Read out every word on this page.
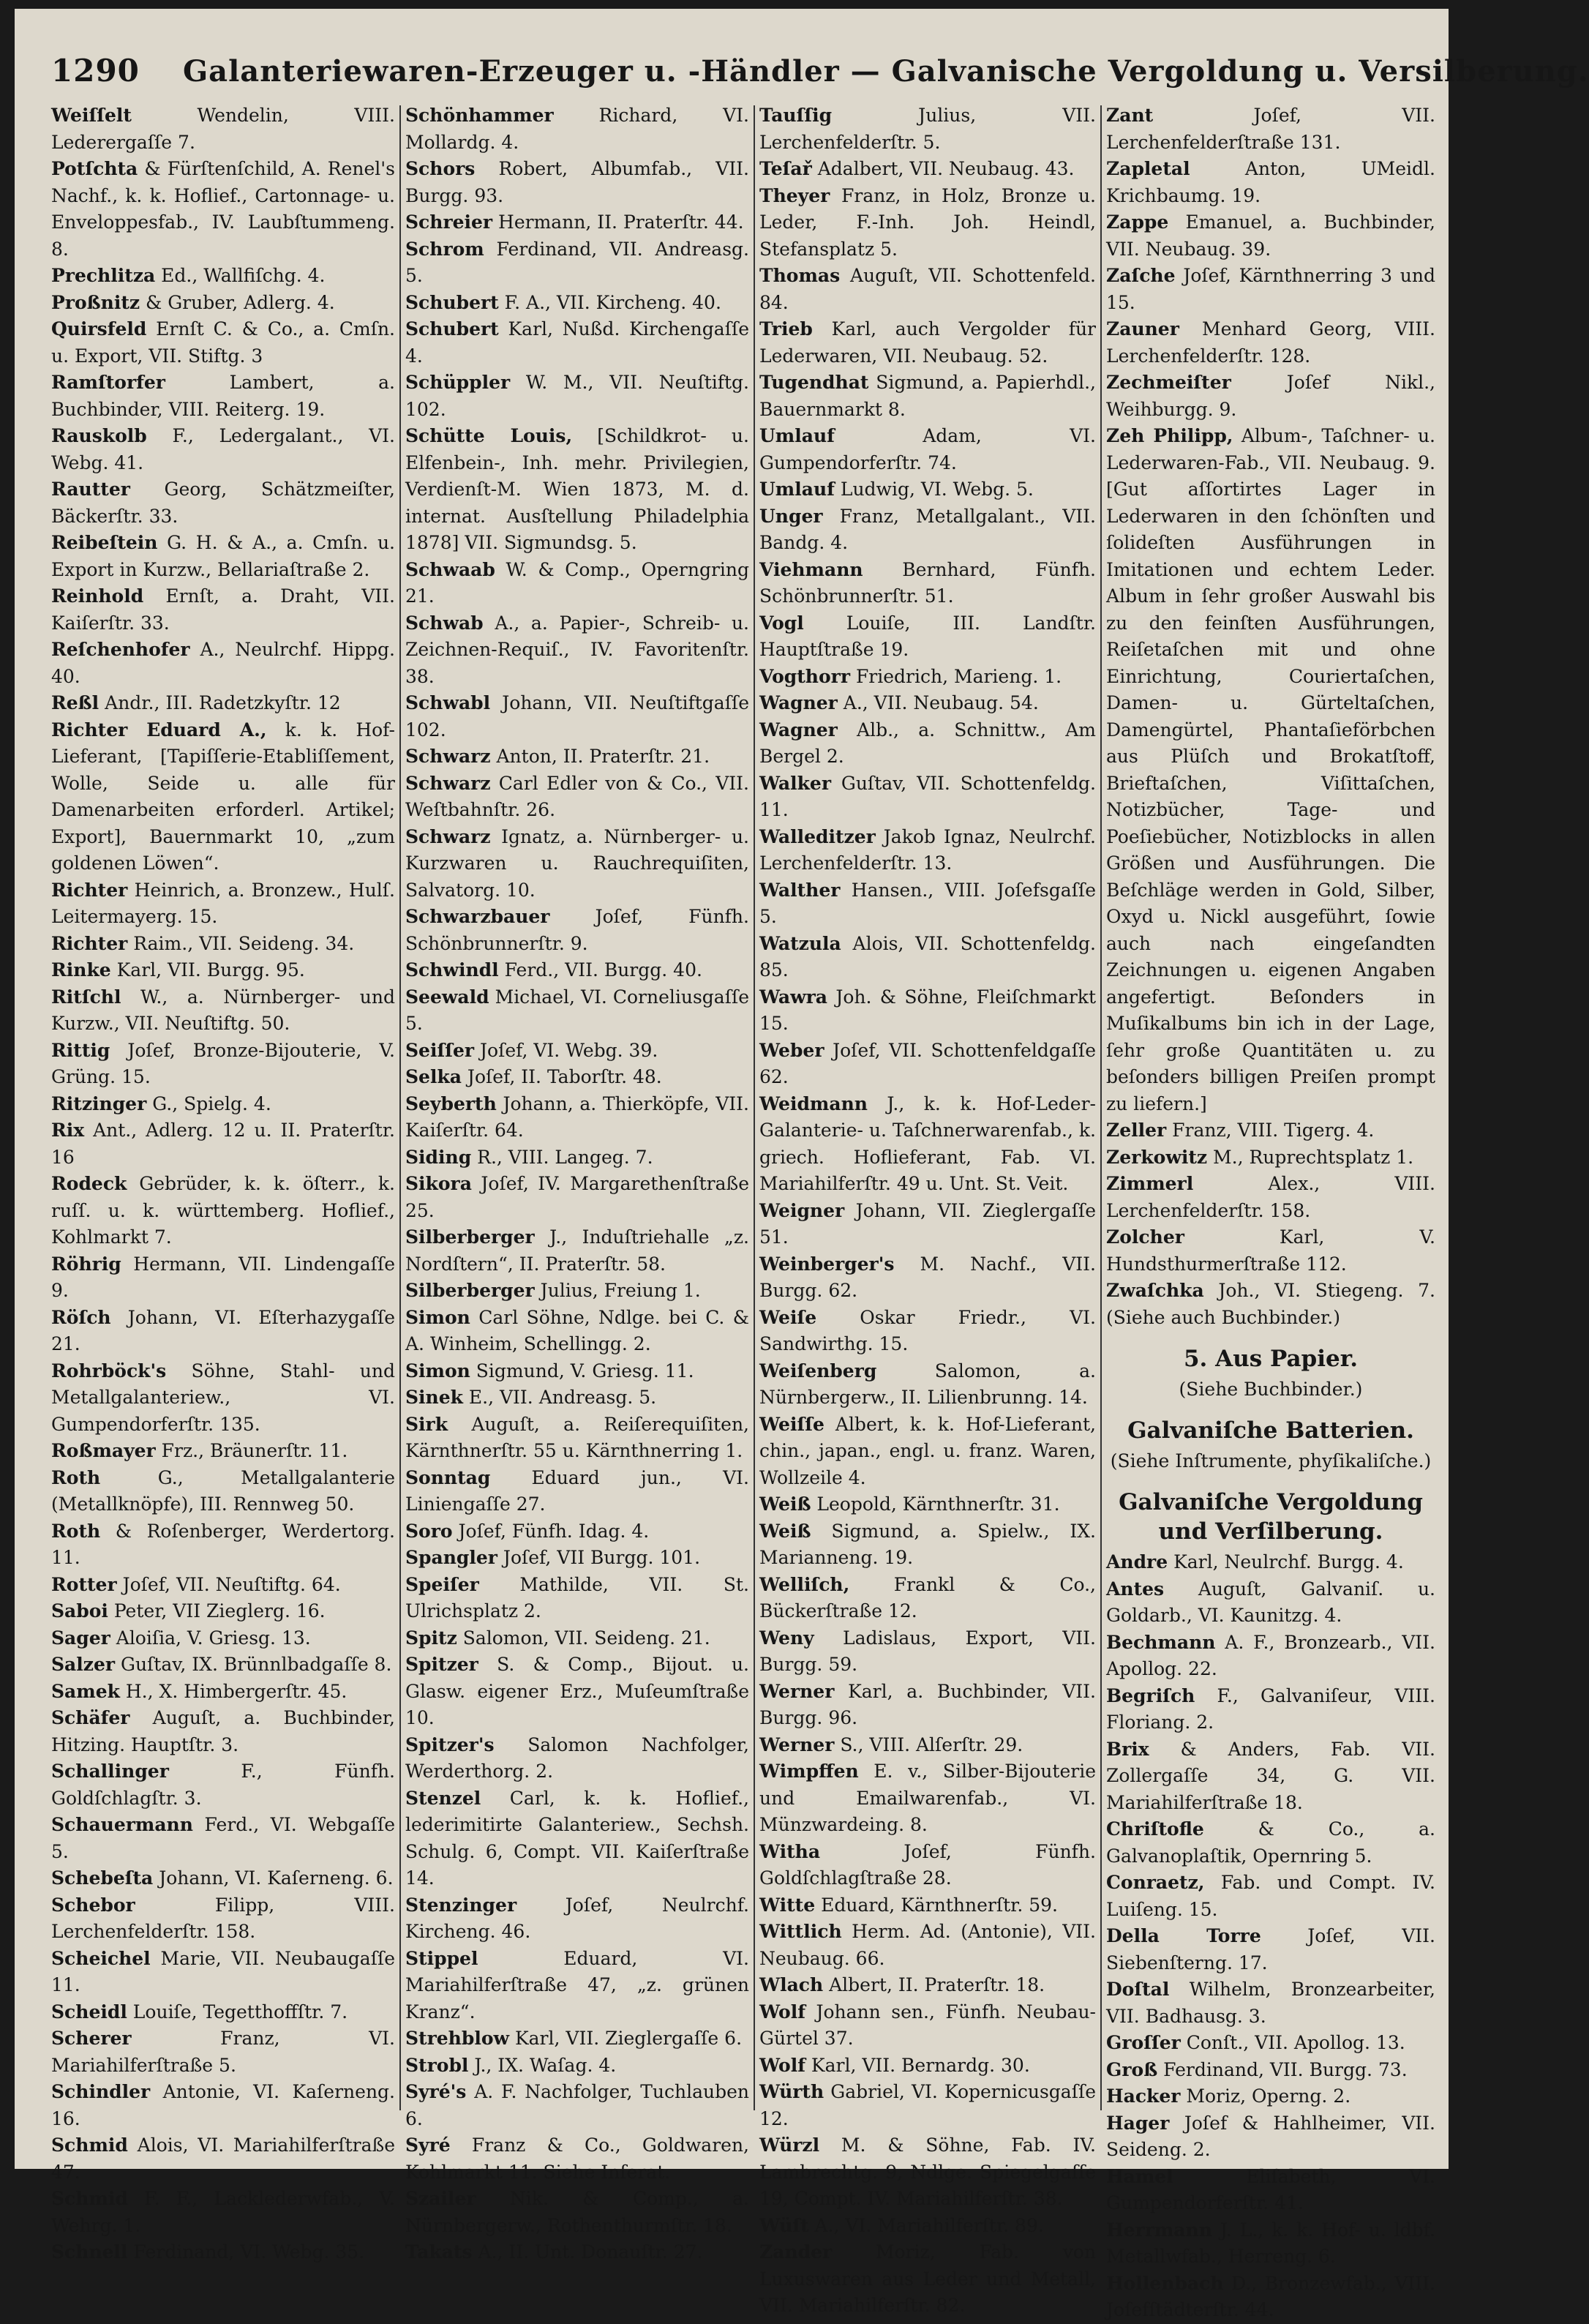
1290 Galanteriewaren-Erzeuger u. -Händler — Galvanische Vergoldung u. Versilberung.

Weiſſelt Wendelin, VIII. Lederergaſſe 7.

Potſchta & Fürſtenſchild, A. Renel's Nachf., k. k. Hoflief., Cartonnage- u. Enveloppesfab., IV. Laubſtummeng. 8.

Prechlitza Ed., Wallfiſchg. 4.

Proßnitz & Gruber, Adlerg. 4.

Quirsfeld Ernſt C. & Co., a. Cmſn. u. Export, VII. Stiftg. 3

Ramſtorfer Lambert, a. Buchbinder, VIII. Reiterg. 19.

Rauskolb F., Ledergalant., VI. Webg. 41.

Rautter Georg, Schätzmeiſter, Bäckerſtr. 33.

Reibeſtein G. H. & A., a. Cmſn. u. Export in Kurzw., Bellariaſtraße 2.

Reinhold Ernſt, a. Draht, VII. Kaiſerſtr. 33.

Reſchenhofer A., Neulrchf. Hippg. 40.

Reßl Andr., III. Radetzkyſtr. 12

Richter Eduard A., k. k. Hof-Lieferant, [Tapiſſerie-Etabliſſement, Wolle, Seide u. alle für Damenarbeiten erforderl. Artikel; Export], Bauernmarkt 10, „zum goldenen Löwen“.

Richter Heinrich, a. Bronzew., Hulſ. Leitermayerg. 15.

Richter Raim., VII. Seideng. 34.

Rinke Karl, VII. Burgg. 95.

Ritſchl W., a. Nürnberger- und Kurzw., VII. Neuſtiftg. 50.

Rittig Joſef, Bronze-Bijouterie, V. Grüng. 15.

Ritzinger G., Spielg. 4.

Rix Ant., Adlerg. 12 u. II. Praterſtr. 16

Rodeck Gebrüder, k. k. öſterr., k. ruſſ. u. k. württemberg. Hoflief., Kohlmarkt 7.

Röhrig Hermann, VII. Lindengaſſe 9.

Röſch Johann, VI. Eſterhazygaſſe 21.

Rohrböck's Söhne, Stahl- und Metallgalanteriew., VI. Gumpendorferſtr. 135.

Roßmayer Frz., Bräunerſtr. 11.

Roth G., Metallgalanterie (Metallknöpfe), III. Rennweg 50.

Roth & Roſenberger, Werdertorg. 11.

Rotter Joſef, VII. Neuſtiftg. 64.

Saboi Peter, VII Zieglerg. 16.

Sager Aloiſia, V. Griesg. 13.

Salzer Guſtav, IX. Brünnlbadgaſſe 8.

Samek H., X. Himbergerſtr. 45.

Schäfer Auguſt, a. Buchbinder, Hitzing. Hauptſtr. 3.

Schallinger F., Fünfh. Goldſchlagſtr. 3.

Schauermann Ferd., VI. Webgaſſe 5.

Schebeſta Johann, VI. Kaſerneng. 6.

Schebor Filipp, VIII. Lerchenfelderſtr. 158.

Scheichel Marie, VII. Neubaugaſſe 11.

Scheidl Louiſe, Tegetthoffſtr. 7.

Scherer Franz, VI. Mariahilferſtraße 5.

Schindler Antonie, VI. Kaſerneng. 16.

Schmid Alois, VI. Mariahilferſtraße 47.

Schmid F. F., Lacklederwfab., V. Wehrg. 1.

Schnell Ferdinand, VI. Webg. 35.

Schönhammer Richard, VI. Mollardg. 4.

Schors Robert, Albumfab., VII. Burgg. 93.

Schreier Hermann, II. Praterſtr. 44.

Schrom Ferdinand, VII. Andreasg. 5.

Schubert F. A., VII. Kircheng. 40.

Schubert Karl, Nußd. Kirchengaſſe 4.

Schüppler W. M., VII. Neuſtiftg. 102.

Schütte Louis, [Schildkrot- u. Elfenbein-, Inh. mehr. Privilegien, Verdienſt-M. Wien 1873, M. d. internat. Ausſtellung Philadelphia 1878] VII. Sigmundsg. 5.

Schwaab W. & Comp., Operngring 21.

Schwab A., a. Papier-, Schreib- u. Zeichnen-Requiſ., IV. Favoritenſtr. 38.

Schwabl Johann, VII. Neuſtiftgaſſe 102.

Schwarz Anton, II. Praterſtr. 21.

Schwarz Carl Edler von & Co., VII. Weſtbahnſtr. 26.

Schwarz Ignatz, a. Nürnberger- u. Kurzwaren u. Rauchrequiſiten, Salvatorg. 10.

Schwarzbauer Joſef, Fünfh. Schönbrunnerſtr. 9.

Schwindl Ferd., VII. Burgg. 40.

Seewald Michael, VI. Corneliusgaſſe 5.

Seiſſer Joſef, VI. Webg. 39.

Selka Joſef, II. Taborſtr. 48.

Seyberth Johann, a. Thierköpfe, VII. Kaiſerſtr. 64.

Siding R., VIII. Langeg. 7.

Sikora Joſef, IV. Margarethenſtraße 25.

Silberberger J., Induſtriehalle „z. Nordſtern“, II. Praterſtr. 58.

Silberberger Julius, Freiung 1.

Simon Carl Söhne, Ndlge. bei C. & A. Winheim, Schellingg. 2.

Simon Sigmund, V. Griesg. 11.

Sinek E., VII. Andreasg. 5.

Sirk Auguſt, a. Reiſerequiſiten, Kärnthnerſtr. 55 u. Kärnthnerring 1.

Sonntag Eduard jun., VI. Liniengaſſe 27.

Soro Joſef, Fünfh. Idag. 4.

Spangler Joſef, VII Burgg. 101.

Speiſer Mathilde, VII. St. Ulrichsplatz 2.

Spitz Salomon, VII. Seideng. 21.

Spitzer S. & Comp., Bijout. u. Glasw. eigener Erz., Muſeumſtraße 10.

Spitzer's Salomon Nachfolger, Werderthorg. 2.

Stenzel Carl, k. k. Hoflief., lederimitirte Galanteriew., Sechsh. Schulg. 6, Compt. VII. Kaiſerſtraße 14.

Stenzinger Joſef, Neulrchf. Kircheng. 46.

Stippel Eduard, VI. Mariahilferſtraße 47, „z. grünen Kranz“.

Strehblow Karl, VII. Zieglergaſſe 6.

Strobl J., IX. Waſag. 4.

Syré's A. F. Nachfolger, Tuchlauben 6.

Syré Franz & Co., Goldwaren, Kohlmarkt 11. Siehe Inſerat.

Szailer Nik. & Comp., a. Nürnbergerw., Rothenthurmſtr. 18.

Takats A., II. Unt. Donauſtr. 27.

Tauſſig Julius, VII. Lerchenfelderſtr. 5.

Teſař Adalbert, VII. Neubaug. 43.

Theyer Franz, in Holz, Bronze u. Leder, F.-Inh. Joh. Heindl, Stefansplatz 5.

Thomas Auguſt, VII. Schottenfeld. 84.

Trieb Karl, auch Vergolder für Lederwaren, VII. Neubaug. 52.

Tugendhat Sigmund, a. Papierhdl., Bauernmarkt 8.

Umlauf Adam, VI. Gumpendorferſtr. 74.

Umlauf Ludwig, VI. Webg. 5.

Unger Franz, Metallgalant., VII. Bandg. 4.

Viehmann Bernhard, Fünfh. Schönbrunnerſtr. 51.

Vogl Louiſe, III. Landſtr. Hauptſtraße 19.

Vogthorr Friedrich, Marieng. 1.

Wagner A., VII. Neubaug. 54.

Wagner Alb., a. Schnittw., Am Bergel 2.

Walker Guſtav, VII. Schottenfeldg. 11.

Walleditzer Jakob Ignaz, Neulrchf. Lerchenfelderſtr. 13.

Walther Hansen., VIII. Joſefsgaſſe 5.

Watzula Alois, VII. Schottenfeldg. 85.

Wawra Joh. & Söhne, Fleiſchmarkt 15.

Weber Joſef, VII. Schottenfeldgaſſe 62.

Weidmann J., k. k. Hof-Leder-Galanterie- u. Taſchnerwarenfab., k. griech. Hoflieferant, Fab. VI. Mariahilferſtr. 49 u. Unt. St. Veit.

Weigner Johann, VII. Zieglergaſſe 51.

Weinberger's M. Nachf., VII. Burgg. 62.

Weiſe Oskar Friedr., VI. Sandwirthg. 15.

Weiſenberg Salomon, a. Nürnbergerw., II. Lilienbrunng. 14.

Weiſſe Albert, k. k. Hof-Lieferant, chin., japan., engl. u. franz. Waren, Wollzeile 4.

Weiß Leopold, Kärnthnerſtr. 31.

Weiß Sigmund, a. Spielw., IX. Marianneng. 19.

Welliſch, Frankl & Co., Bückerſtraße 12.

Weny Ladislaus, Export, VII. Burgg. 59.

Werner Karl, a. Buchbinder, VII. Burgg. 96.

Werner S., VIII. Alſerſtr. 29.

Wimpffen E. v., Silber-Bijouterie und Emailwarenfab., VI. Münzwardeing. 8.

Witha Joſef, Fünfh. Goldſchlagſtraße 28.

Witte Eduard, Kärnthnerſtr. 59.

Wittlich Herm. Ad. (Antonie), VII. Neubaug. 66.

Wlach Albert, II. Praterſtr. 18.

Wolf Johann sen., Fünfh. Neubau-Gürtel 37.

Wolf Karl, VII. Bernardg. 30.

Würth Gabriel, VI. Kopernicusgaſſe 12.

Würzl M. & Söhne, Fab. IV. Lambrechtg. 9, Ndlge. Spiegelgaſſe 19, Compt. IV. Mariahilferſtr. 38.

Wüſt A., VI. Mariahilferſtr. 89.

Zander Moriz, Fab. von Luxuswaren aus Leder und Metall, VII. Mariahilferſtr. 82.

Zant Joſef, VII. Lerchenfelderſtraße 131.

Zapletal Anton, UMeidl. Krichbaumg. 19.

Zappe Emanuel, a. Buchbinder, VII. Neubaug. 39.

Zaſche Joſef, Kärnthnerring 3 und 15.

Zauner Menhard Georg, VIII. Lerchenfelderſtr. 128.

Zechmeiſter Joſef Nikl., Weihburgg. 9.

Zeh Philipp, Album-, Taſchner- u. Lederwaren-Fab., VII. Neubaug. 9. [Gut aſſortirtes Lager in Lederwaren in den ſchönſten und ſolideſten Ausführungen in Imitationen und echtem Leder. Album in ſehr großer Auswahl bis zu den feinſten Ausführungen, Reiſetaſchen mit und ohne Einrichtung, Couriertaſchen, Damen- u. Gürteltaſchen, Damengürtel, Phantaſieförbchen aus Plüſch und Brokatſtoff, Brieftaſchen, Viſittaſchen, Notizbücher, Tage- und Poeſiebücher, Notizblocks in allen Größen und Ausführungen. Die Beſchläge werden in Gold, Silber, Oxyd u. Nickl ausgeführt, ſowie auch nach eingeſandten Zeichnungen u. eigenen Angaben angefertigt. Beſonders in Muſikalbums bin ich in der Lage, ſehr große Quantitäten u. zu beſonders billigen Preiſen prompt zu liefern.]

Zeller Franz, VIII. Tigerg. 4.

Zerkowitz M., Ruprechtsplatz 1.

Zimmerl Alex., VIII. Lerchenfelderſtr. 158.

Zolcher Karl, V. Hundsthurmerſtraße 112.

Zwaſchka Joh., VI. Stiegeng. 7. (Siehe auch Buchbinder.)

5. Aus Papier.
(Siehe Buchbinder.)
Galvaniſche Batterien.
(Siehe Inſtrumente, phyſikaliſche.)
Galvaniſche Vergoldung und Verſilberung.

Andre Karl, Neulrchf. Burgg. 4.

Antes Auguſt, Galvaniſ. u. Goldarb., VI. Kaunitzg. 4.

Bechmann A. F., Bronzearb., VII. Apollog. 22.

Begriſch F., Galvaniſeur, VIII. Floriang. 2.

Brix & Anders, Fab. VII. Zollergaſſe 34, G. VII. Mariahilferſtraße 18.

Chriſtofle & Co., a. Galvanoplaſtik, Opernring 5.

Conraetz, Fab. und Compt. IV. Luiſeng. 15.

Della Torre Joſef, VII. Siebenſterng. 17.

Doſtal Wilhelm, Bronzearbeiter, VII. Badhausg. 3.

Groſſer Conſt., VII. Apollog. 13.

Groß Ferdinand, VII. Burgg. 73.

Hacker Moriz, Operng. 2.

Hager Joſef & Hahlheimer, VII. Seideng. 2.

Hamel Eliſabeth, VI. Gumpendorferſtr. 41.

Herrmann J. L., k. k. Hof- u. ldbf. Metallwfab., Herreng. 6.

Hollenbach D., Bronzewfab., VIII. Joſefſtädterſtr. 44.
